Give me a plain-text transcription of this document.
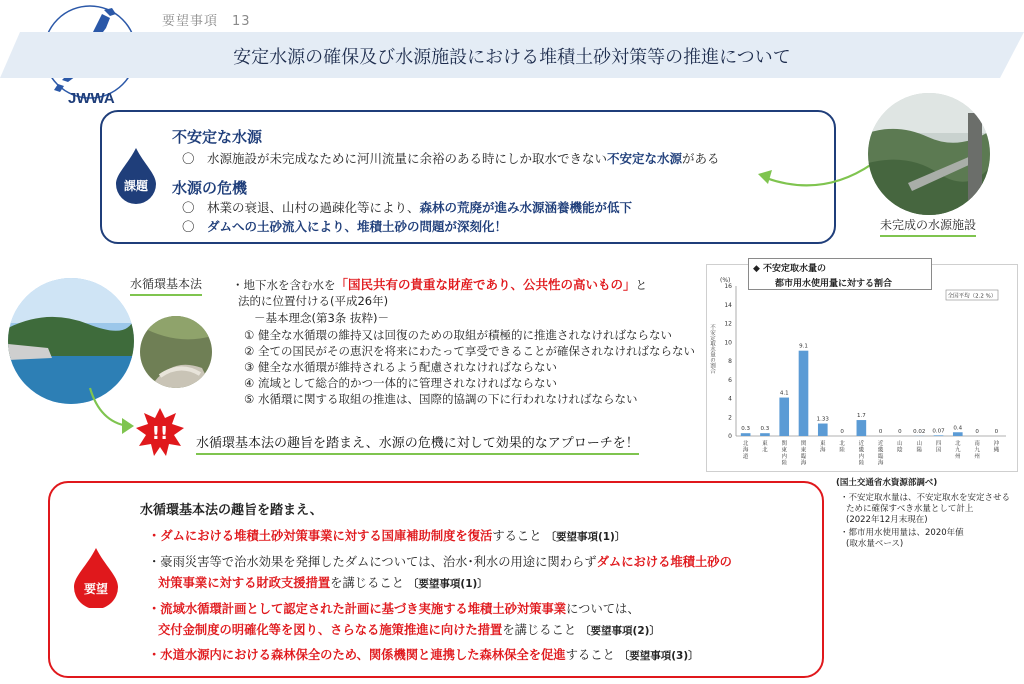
JWWA
要望事項　13
安定水源の確保及び水源施設における堆積土砂対策等の推進について
課題
不安定な水源
〇　水源施設が未完成なために河川流量に余裕のある時にしか取水できない不安定な水源がある
水源の危機
〇　林業の衰退、山村の過疎化等により、森林の荒廃が進み水源涵養機能が低下
〇　ダムへの土砂流入により、堆積土砂の問題が深刻化！	未完成の水源施設
水循環基本法	・地下水を含む水を「国民共有の貴重な財産であり、公共性の高いもの」と
法的に位置付ける(平成26年)
－基本理念(第3条 抜粋)－
① 健全な水循環の維持又は回復のための取組が積極的に推進されなければならない
② 全ての国民がその恵沢を将来にわたって享受できることが確保されなければならない
③ 健全な水循環が維持されるよう配慮されなければならない
④ 流域として総合的かつ一体的に管理されなければならない
⑤ 水循環に関する取組の推進は、国際的協調の下に行われなければならない
!! 水循環基本法の趣旨を踏まえ、水源の危機に対して効果的なアプローチを！
◆ 不安定取水量の
都市用水使用量に対する割合
(%)
0
2
4
6
8
10
12
14
16
不安定取水量の割合
全国平均（2.2 %）
0.3
北
海
道
0.3
東
北
4.1
関
東
内
陸
9.1
関
東
臨
海
1.33
東
海
0
北
陸
1.7
近
畿
内
陸
0
近
畿
臨
海
0
山
陰
0.02
山
陽
0.07
四
国
0.4
北
九
州
0
南
九
州
0
沖
縄
(国土交通省水資源部調べ)
・不安定取水量は、不安定取水を安定させる
ために確保すべき水量として計上
(2022年12月末現在)
・都市用水使用量は、2020年値
(取水量ベース)
要望
水循環基本法の趣旨を踏まえ、
・ダムにおける堆積土砂対策事業に対する国庫補助制度を復活すること 〔要望事項(1)〕
・豪雨災害等で治水効果を発揮したダムについては、治水･利水の用途に関わらずダムにおける堆積土砂の
対策事業に対する財政支援措置を講じること 〔要望事項(1)〕
・流域水循環計画として認定された計画に基づき実施する堆積土砂対策事業については、
交付金制度の明確化等を図り、さらなる施策推進に向けた措置を講じること 〔要望事項(2)〕
・水道水源内における森林保全のため、関係機関と連携した森林保全を促進すること 〔要望事項(3)〕
